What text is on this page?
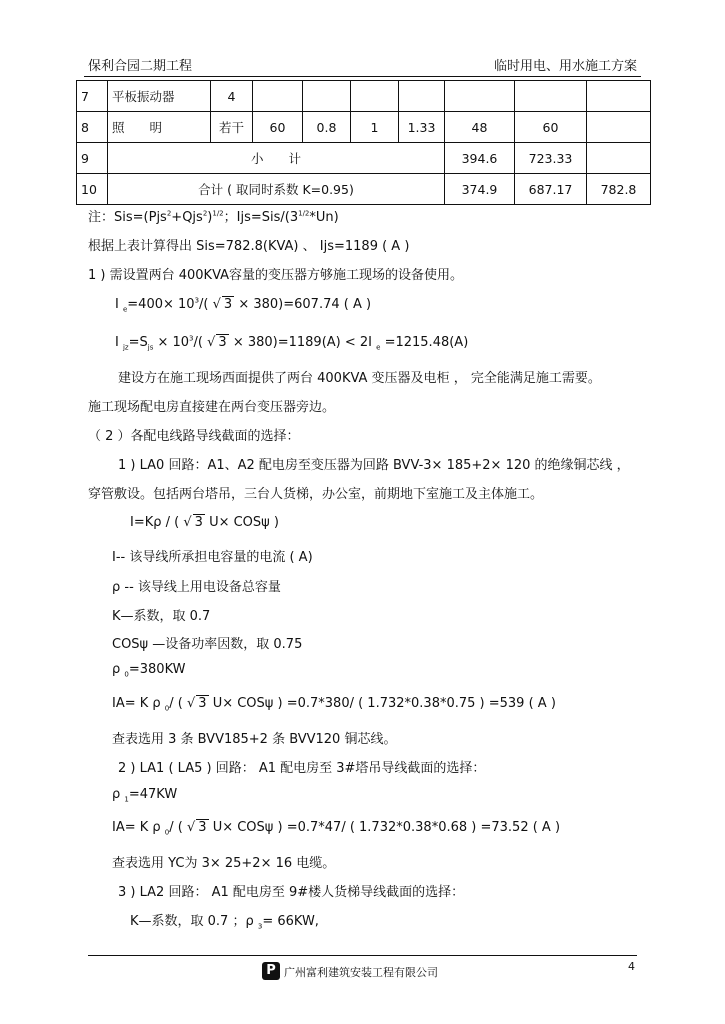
保利合园二期工程	临时用电、用水施工方案
7	平板振动器	4								
8	照　　明	若干	60	0.8	1	1.33	48	60		
9	小　　计						394.6	723.33		
10	合计 ( 取同时系数 K=0.95)						374.9	687.17	782.8	
注：$Sis=(Pjs^2+Qjs^2)^{1/2}$；$Ijs=Sis/(3^{1/2}*Un)$
根据上表计算得出 Sis=782.8(KVA) 、 Ijs=1189 ( A )
1 ) 需设置两台 400KVA容量的变压器方够施工现场的设备使用。
I $_e=400\times 10^3/$( √ 3 × 380)=607.74 ( A )
I $_{jz}=S_{js} \times 10^3/$( √ 3 × 380)=1189(A) < 2I $_e$ =1215.48(A)
建设方在施工现场西面提供了两台 400KVA 变压器及电柜 ， 完全能满足施工需要。
施工现场配电房直接建在两台变压器旁边。
（ 2 ）各配电线路导线截面的选择：
1 ) LA0 回路：A1、A2 配电房至变压器为回路 BVV-3× 185+2× 120 的绝缘铜芯线 ，
穿管敷设。包括两台塔吊，三台人货梯，办公室，前期地下室施工及主体施工。
I=Kρ / ( √ 3 U× COSψ )
I-- 该导线所承担电容量的电流 ( A)
ρ -- 该导线上用电设备总容量
K—系数，取 0.7
COSψ —设备功率因数，取 0.75
ρ $_0$=380KW
IA= K ρ $_0$/ ( √ 3 U× COSψ ) =0.7*380/ ( 1.732*0.38*0.75 ) =539 ( A )
查表选用 3 条 BVV185+2 条 BVV120 铜芯线。
2 ) LA1 ( LA5 ) 回路： A1 配电房至 3#塔吊导线截面的选择：
ρ $_1$=47KW
IA= K ρ $_0$/ ( √ 3 U× COSψ ) =0.7*47/ ( 1.732*0.38*0.68 ) =73.52 ( A )
查表选用 YC为 3× 25+2× 16 电缆。
3 ) LA2 回路： A1 配电房至 9#楼人货梯导线截面的选择：
K—系数，取 0.7 ；ρ $_3$= 66KW,
P 广州富利建筑安装工程有限公司	4
